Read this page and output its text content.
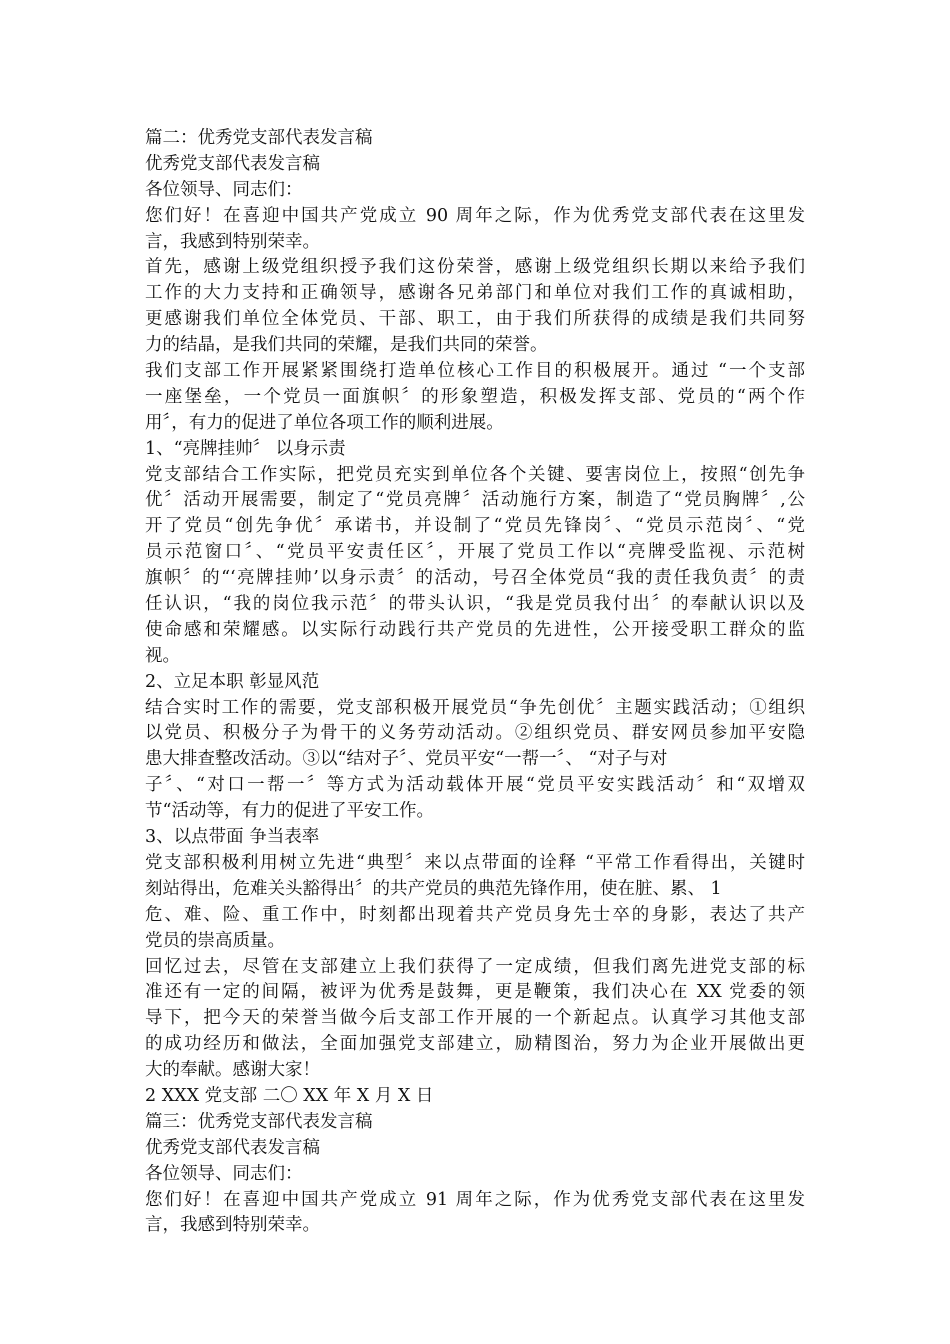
篇二：优秀党支部代表发言稿
优秀党支部代表发言稿
各位领导、同志们：
您们好！在喜迎中国共产党成立 90 周年之际，作为优秀党支部代表在这里发
言，我感到特别荣幸。
首先，感谢上级党组织授予我们这份荣誉，感谢上级党组织长期以来给予我们
工作的大力支持和正确领导，感谢各兄弟部门和单位对我们工作的真诚相助，
更感谢我们单位全体党员、干部、职工，由于我们所获得的成绩是我们共同努
力的结晶，是我们共同的荣耀，是我们共同的荣誉。
我们支部工作开展紧紧围绕打造单位核心工作目的积极展开。通过 “一个支部
一座堡垒，一个党员一面旗帜〞的形象塑造，积极发挥支部、党员的“两个作
用〞，有力的促进了单位各项工作的顺利进展。
1、“亮牌挂帅〞 以身示责
党支部结合工作实际，把党员充实到单位各个关键、要害岗位上，按照“创先争
优〞活动开展需要，制定了“党员亮牌〞活动施行方案，制造了“党员胸牌〞,公
开了党员“创先争优〞承诺书，并设制了“党员先锋岗〞、“党员示范岗〞、“党
员示范窗口〞、“党员平安责任区〞，开展了党员工作以“亮牌受监视、示范树
旗帜〞的“‘亮牌挂帅’以身示责〞的活动，号召全体党员“我的责任我负责〞的责
任认识，“我的岗位我示范〞的带头认识，“我是党员我付出〞的奉献认识以及
使命感和荣耀感。以实际行动践行共产党员的先进性，公开接受职工群众的监
视。
2、立足本职 彰显风范
结合实时工作的需要，党支部积极开展党员“争先创优〞主题实践活动；①组织
以党员、积极分子为骨干的义务劳动活动。②组织党员、群安网员参加平安隐
患大排查整改活动。③以“结对子〞、党员平安“一帮一〞、 “对子与对
子〞、“对口一帮一〞等方式为活动载体开展“党员平安实践活动〞和“双增双
节“活动等，有力的促进了平安工作。
3、以点带面 争当表率
党支部积极利用树立先进“典型〞来以点带面的诠释 “平常工作看得出，关键时
刻站得出，危难关头豁得出〞的共产党员的典范先锋作用，使在脏、累、 1
危、难、险、重工作中，时刻都出现着共产党员身先士卒的身影，表达了共产
党员的崇高质量。
回忆过去，尽管在支部建立上我们获得了一定成绩，但我们离先进党支部的标
准还有一定的间隔，被评为优秀是鼓舞，更是鞭策，我们决心在 XX 党委的领
导下，把今天的荣誉当做今后支部工作开展的一个新起点。认真学习其他支部
的成功经历和做法，全面加强党支部建立，励精图治，努力为企业开展做出更
大的奉献。感谢大家！
2 XXX 党支部 二〇 XX 年 X 月 X 日
篇三：优秀党支部代表发言稿
优秀党支部代表发言稿
各位领导、同志们：
您们好！在喜迎中国共产党成立 91 周年之际，作为优秀党支部代表在这里发
言，我感到特别荣幸。
